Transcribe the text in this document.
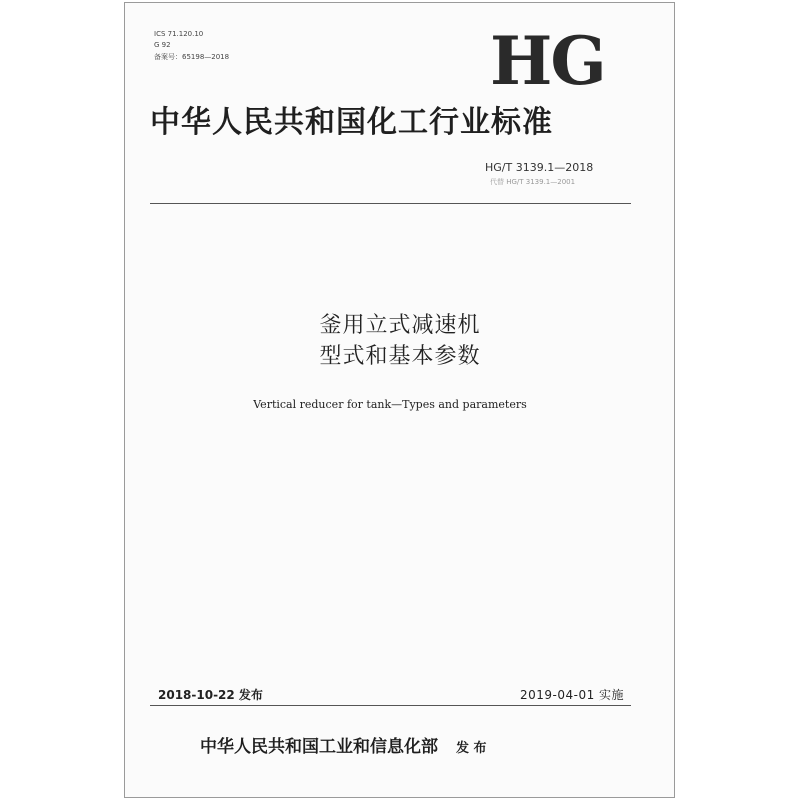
ICS 71.120.10
G 92
备案号：65198—2018	HG
中华人民共和国化工行业标准
HG/T 3139.1—2018
代替 HG/T 3139.1—2001
釜用立式减速机
型式和基本参数
Vertical reducer for tank—Types and parameters
2018-10-22 发布	2019-04-01 实施
中华人民共和国工业和信息化部 发 布
